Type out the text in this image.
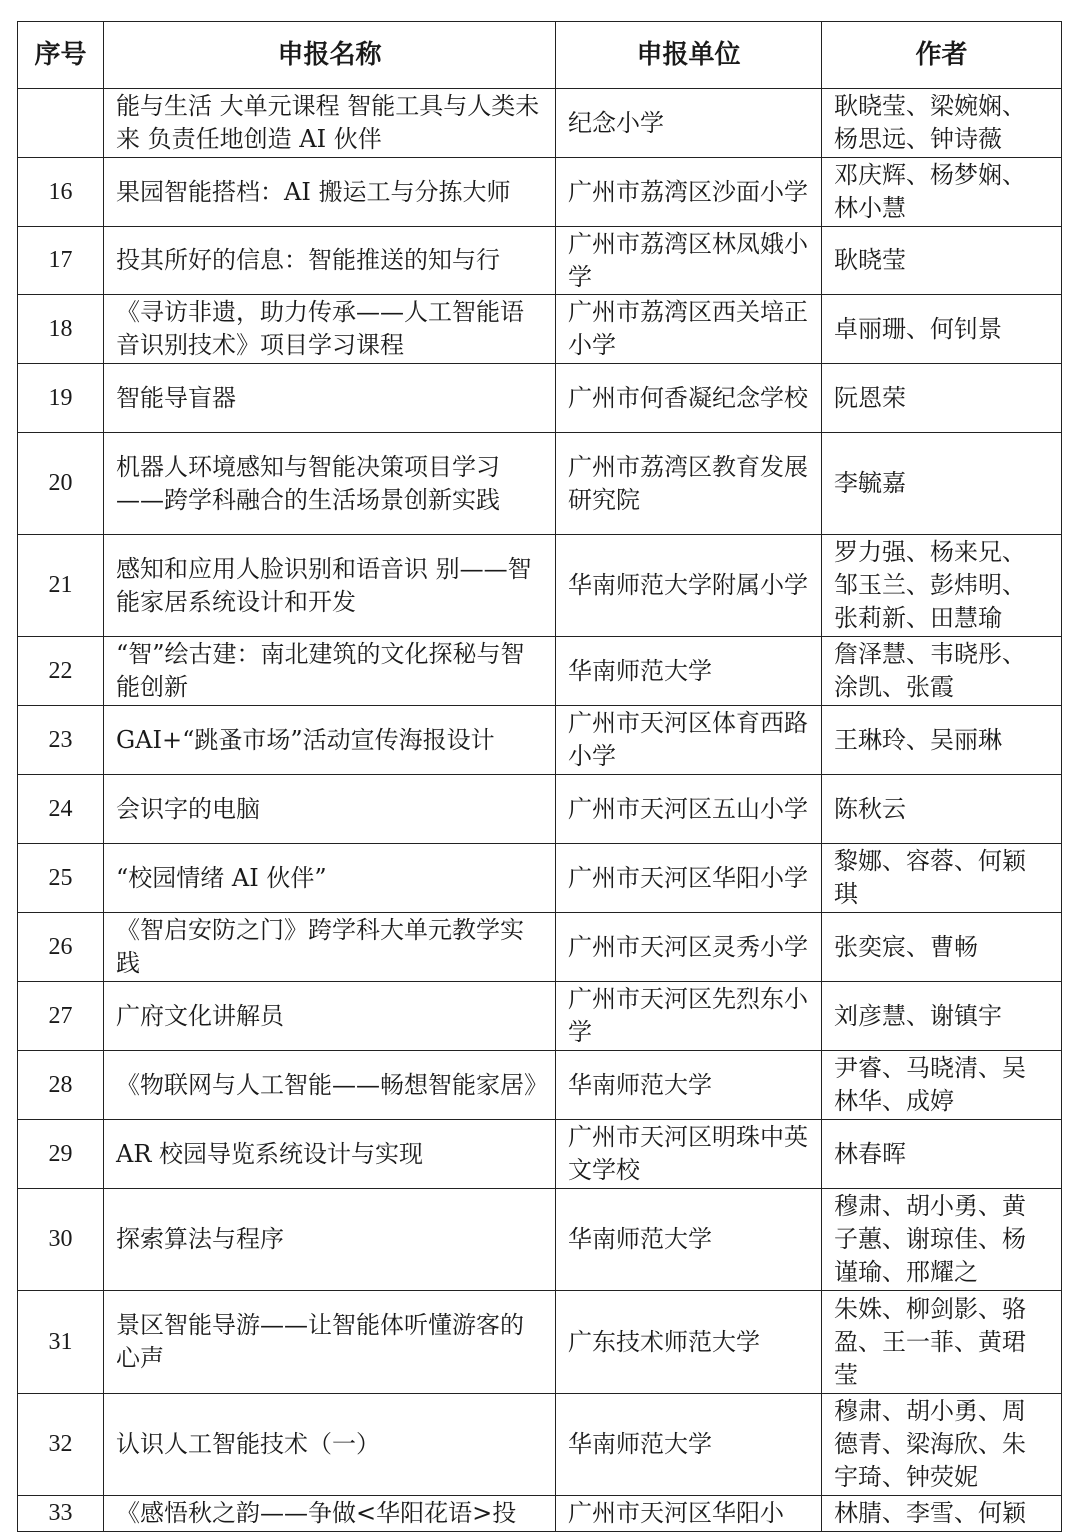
序号	申报名称	申报单位	作者
	能与生活 大单元课程 智能工具与人类未来 负责任地创造 AI 伙伴	纪念小学	耿晓莹、梁婉娴、杨思远、钟诗薇
16	果园智能搭档：AI 搬运工与分拣大师	广州市荔湾区沙面小学	邓庆辉、杨梦娴、林小慧
17	投其所好的信息：智能推送的知与行	广州市荔湾区林凤娥小学	耿晓莹
18	《寻访非遗，助力传承——人工智能语音识别技术》项目学习课程	广州市荔湾区西关培正小学	卓丽珊、何钊景
19	智能导盲器	广州市何香凝纪念学校	阮恩荣
20	机器人环境感知与智能决策项目学习——跨学科融合的生活场景创新实践	广州市荔湾区教育发展研究院	李毓嘉
21	感知和应用人脸识别和语音识 别——智能家居系统设计和开发	华南师范大学附属小学	罗力强、杨来兄、邹玉兰、彭炜明、张莉新、田慧瑜
22	“智”绘古建：南北建筑的文化探秘与智能创新	华南师范大学	詹泽慧、韦晓彤、涂凯、张霞
23	GAI+“跳蚤市场”活动宣传海报设计	广州市天河区体育西路小学	王琳玲、吴丽琳
24	会识字的电脑	广州市天河区五山小学	陈秋云
25	“校园情绪 AI 伙伴”	广州市天河区华阳小学	黎娜、容蓉、何颖琪
26	《智启安防之门》跨学科大单元教学实践	广州市天河区灵秀小学	张奕宸、曹畅
27	广府文化讲解员	广州市天河区先烈东小学	刘彦慧、谢镇宇
28	《物联网与人工智能——畅想智能家居》	华南师范大学	尹睿、马晓清、吴林华、成婷
29	AR 校园导览系统设计与实现	广州市天河区明珠中英文学校	林春晖
30	探索算法与程序	华南师范大学	穆肃、胡小勇、黄子蕙、谢琼佳、杨谨瑜、邢耀之
31	景区智能导游——让智能体听懂游客的心声	广东技术师范大学	朱姝、柳剑影、骆盈、王一菲、黄珺莹
32	认识人工智能技术（一）	华南师范大学	穆肃、胡小勇、周德青、梁海欣、朱宇琦、钟荧妮
33	《感悟秋之韵——争做<华阳花语>投	广州市天河区华阳小	林腈、李雪、何颖
